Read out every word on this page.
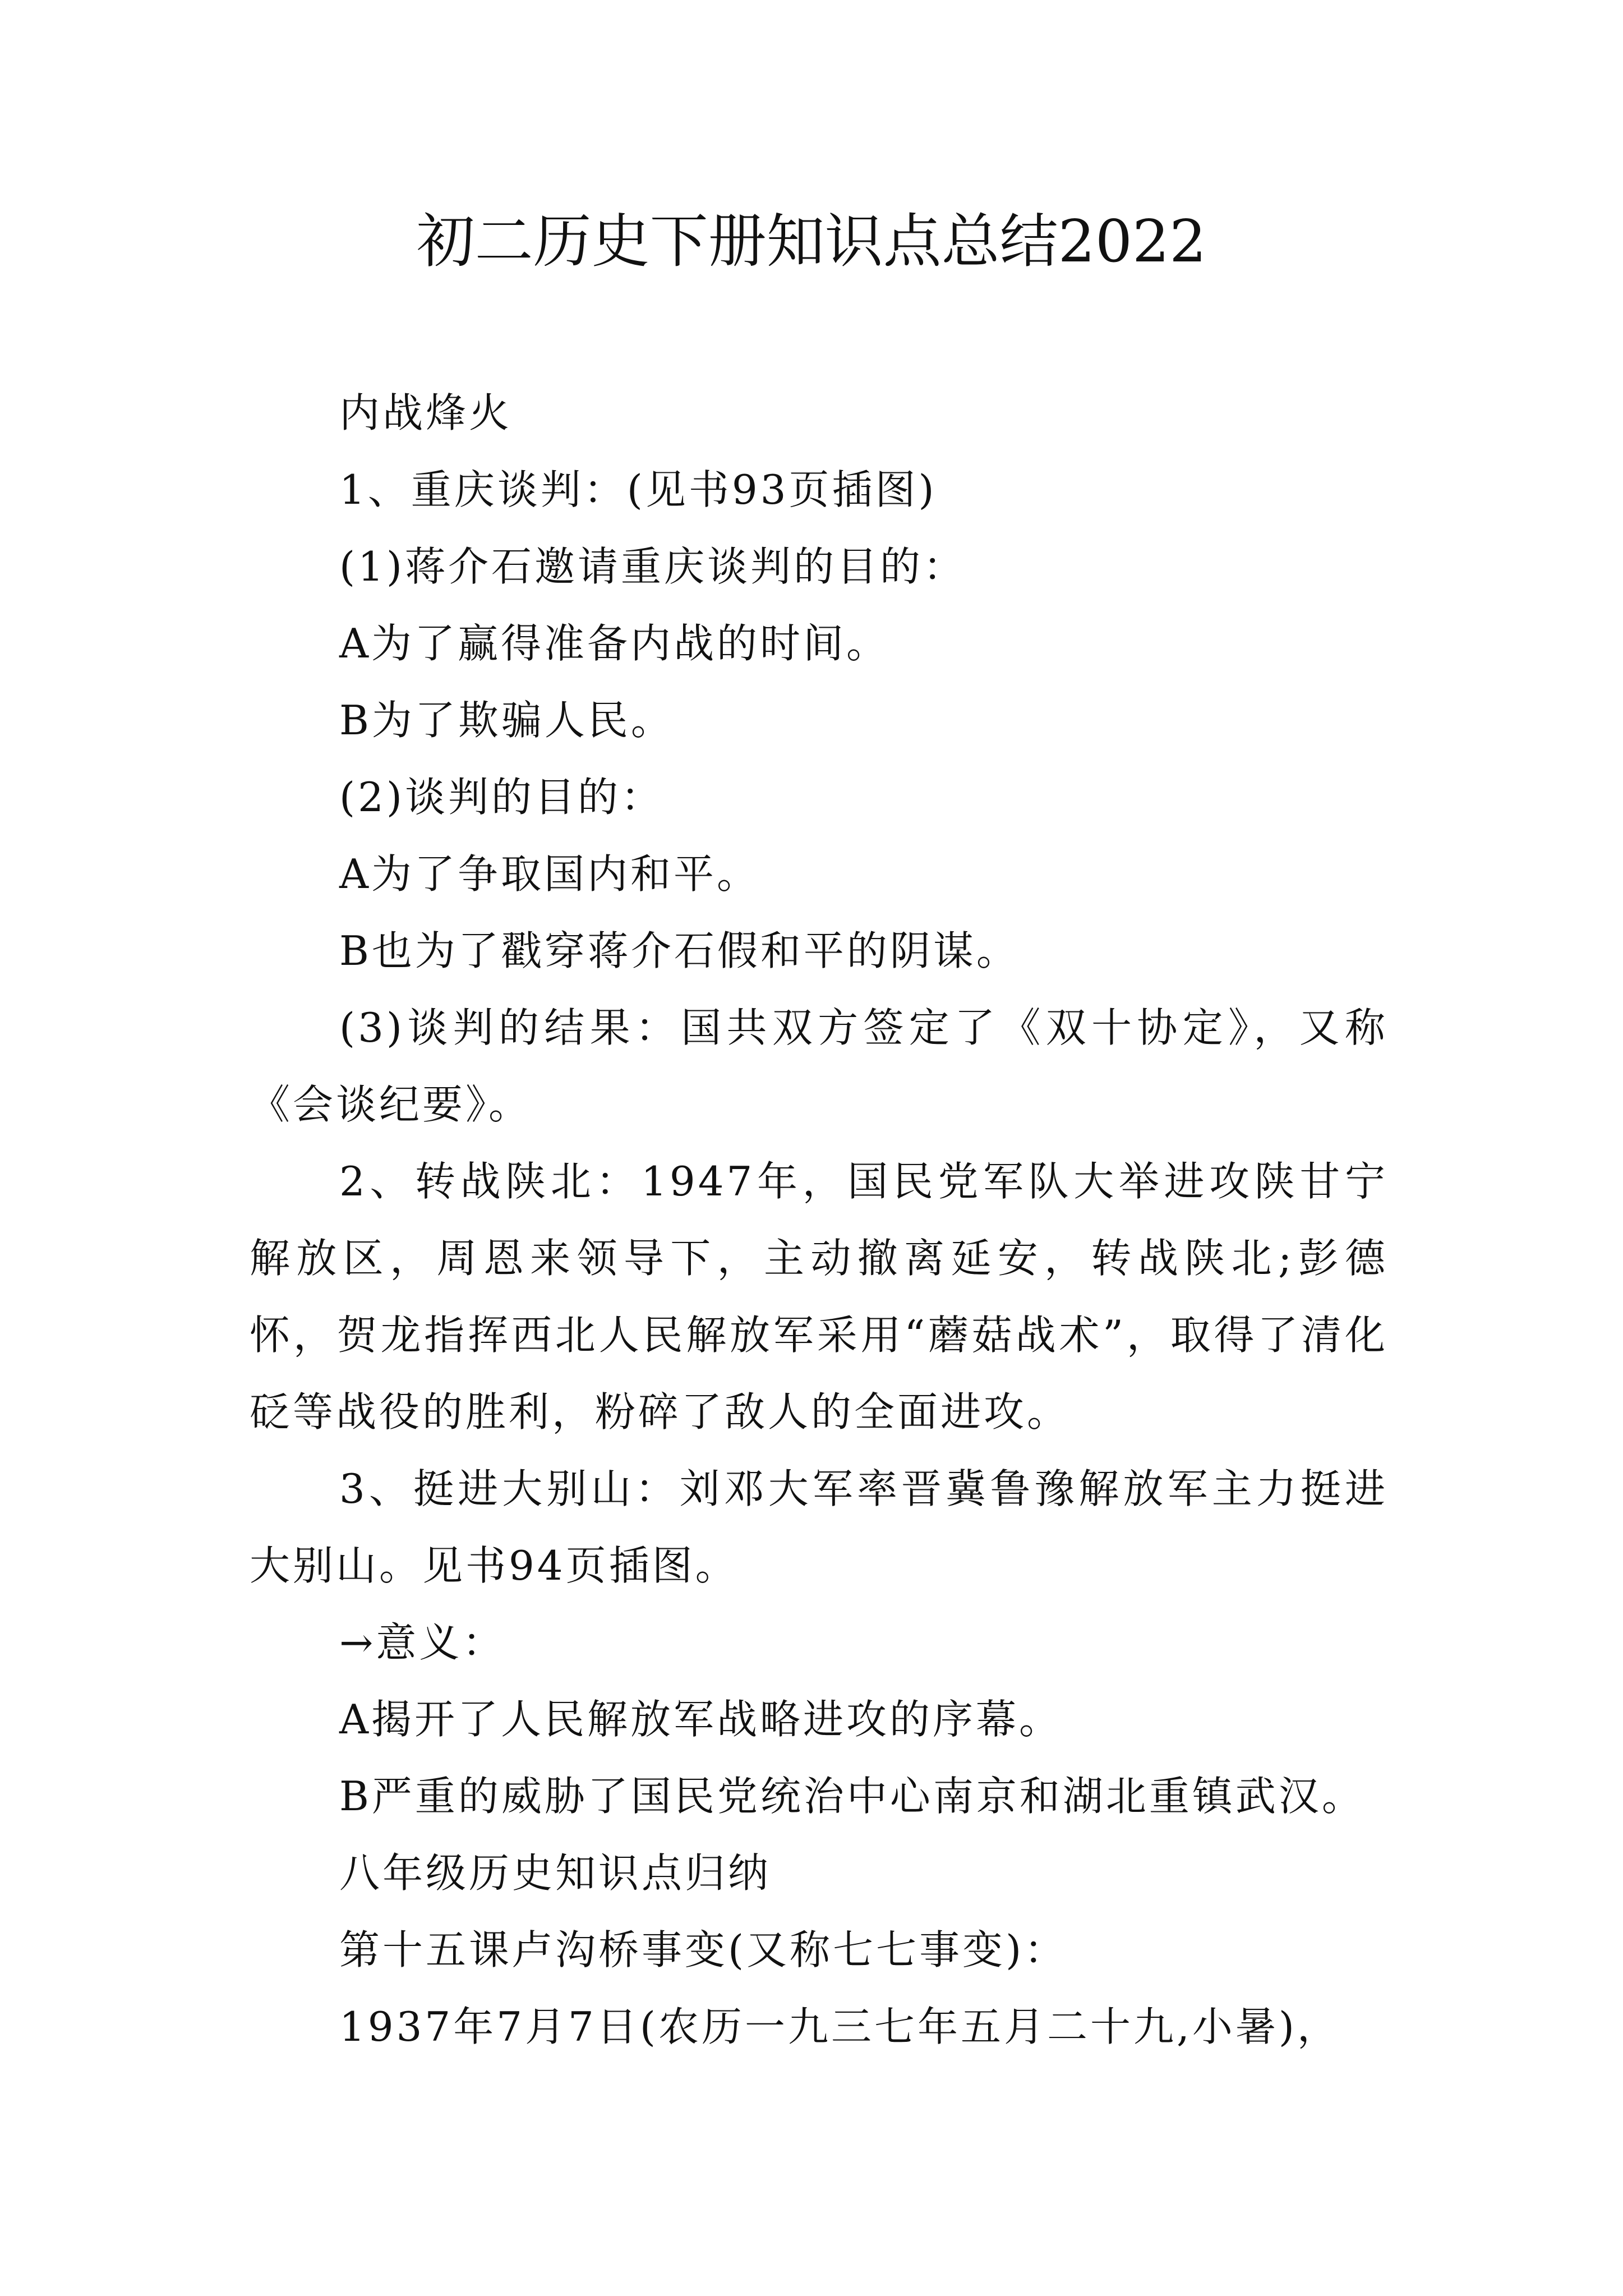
初二历史下册知识点总结2022

内战烽火

1、重庆谈判：(见书93页插图)

(1)蒋介石邀请重庆谈判的目的：

A为了赢得准备内战的时间。

B为了欺骗人民。

(2)谈判的目的：

A为了争取国内和平。

B也为了戳穿蒋介石假和平的阴谋。

(3)谈判的结果：国共双方签定了《双十协定》，又称《会谈纪要》。

2、转战陕北：1947年，国民党军队大举进攻陕甘宁解放区，周恩来领导下，主动撤离延安，转战陕北;彭德怀，贺龙指挥西北人民解放军采用“蘑菇战术”，取得了清化砭等战役的胜利，粉碎了敌人的全面进攻。

3、挺进大别山：刘邓大军率晋冀鲁豫解放军主力挺进大别山。见书94页插图。

→意义：

A揭开了人民解放军战略进攻的序幕。

B严重的威胁了国民党统治中心南京和湖北重镇武汉。

八年级历史知识点归纳

第十五课卢沟桥事变(又称七七事变)：

1937年7月7日(农历一九三七年五月二十九,小暑)，
